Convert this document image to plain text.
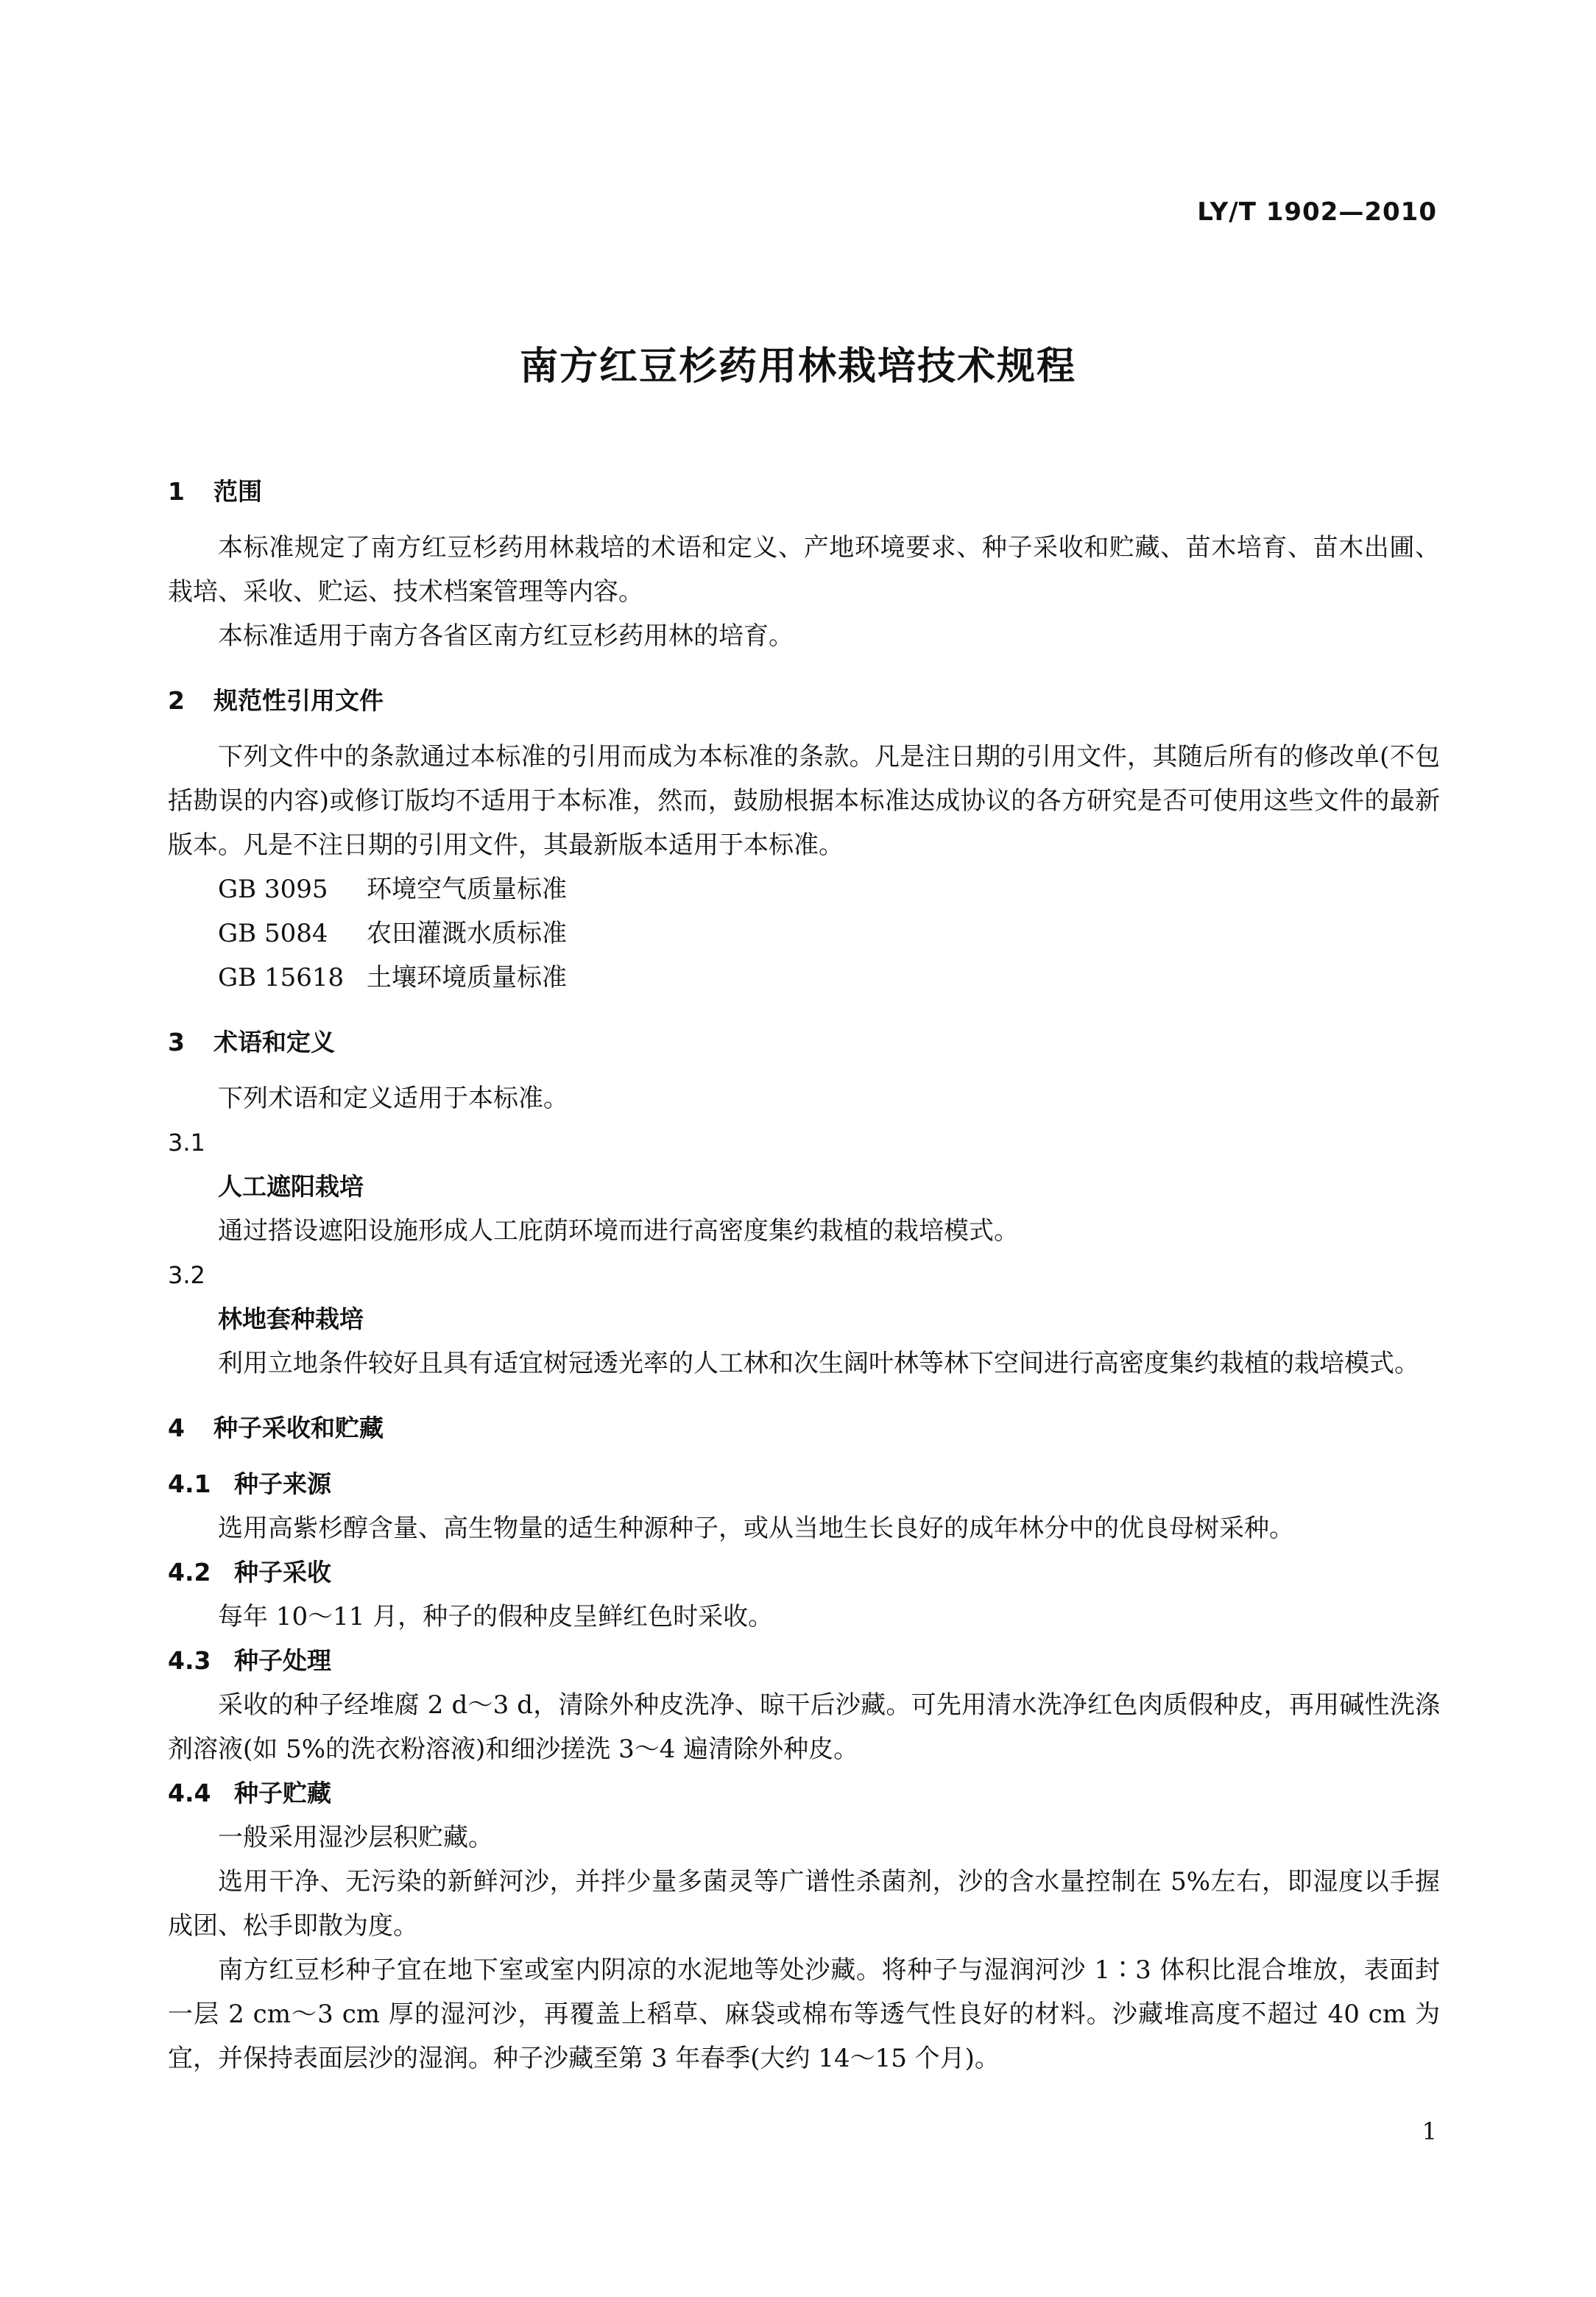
LY/T 1902—2010
南方红豆杉药用林栽培技术规程
1 范围

本标准规定了南方红豆杉药用林栽培的术语和定义、产地环境要求、种子采收和贮藏、苗木培育、苗木出圃、栽培、采收、贮运、技术档案管理等内容。

本标准适用于南方各省区南方红豆杉药用林的培育。

2 规范性引用文件

下列文件中的条款通过本标准的引用而成为本标准的条款。凡是注日期的引用文件，其随后所有的修改单(不包括勘误的内容)或修订版均不适用于本标准，然而，鼓励根据本标准达成协议的各方研究是否可使用这些文件的最新版本。凡是不注日期的引用文件，其最新版本适用于本标准。

GB 3095 环境空气质量标准
GB 5084 农田灌溉水质标准
GB 15618 土壤环境质量标准
3 术语和定义

下列术语和定义适用于本标准。

3.1
人工遮阳栽培

通过搭设遮阳设施形成人工庇荫环境而进行高密度集约栽植的栽培模式。

3.2
林地套种栽培

利用立地条件较好且具有适宜树冠透光率的人工林和次生阔叶林等林下空间进行高密度集约栽植的栽培模式。

4 种子采收和贮藏
4.1 种子来源

选用高紫杉醇含量、高生物量的适生种源种子，或从当地生长良好的成年林分中的优良母树采种。

4.2 种子采收

每年 10～11 月，种子的假种皮呈鲜红色时采收。

4.3 种子处理

采收的种子经堆腐 2 d～3 d，清除外种皮洗净、晾干后沙藏。可先用清水洗净红色肉质假种皮，再用碱性洗涤剂溶液(如 5%的洗衣粉溶液)和细沙搓洗 3～4 遍清除外种皮。

4.4 种子贮藏

一般采用湿沙层积贮藏。

选用干净、无污染的新鲜河沙，并拌少量多菌灵等广谱性杀菌剂，沙的含水量控制在 5%左右，即湿度以手握成团、松手即散为度。

南方红豆杉种子宜在地下室或室内阴凉的水泥地等处沙藏。将种子与湿润河沙 1∶3 体积比混合堆放，表面封一层 2 cm～3 cm 厚的湿河沙，再覆盖上稻草、麻袋或棉布等透气性良好的材料。沙藏堆高度不超过 40 cm 为宜，并保持表面层沙的湿润。种子沙藏至第 3 年春季(大约 14～15 个月)。

1
